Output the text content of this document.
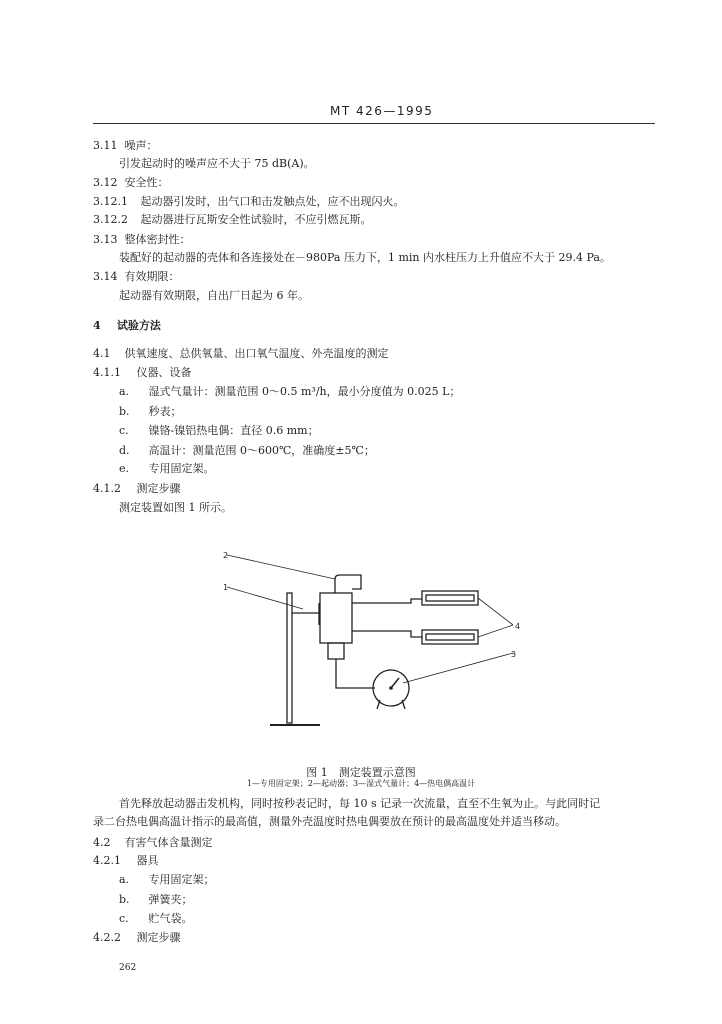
MT 426—1995
3.11 噪声：
引发起动时的噪声应不大于 75 dB(A)。
3.12 安全性：
3.12.1 起动器引发时，出气口和击发触点处，应不出现闪火。
3.12.2 起动器进行瓦斯安全性试验时，不应引燃瓦斯。
3.13 整体密封性：
装配好的起动器的壳体和各连接处在－980Pa 压力下，1 min 内水柱压力上升值应不大于 29.4 Pa。
3.14 有效期限：
起动器有效期限，自出厂日起为 6 年。
4 试验方法
4.1 供氧速度、总供氧量、出口氧气温度、外壳温度的测定
4.1.1 仪器、设备
a. 湿式气量计：测量范围 0～0.5 m³/h，最小分度值为 0.025 L；
b. 秒表；
c. 镍铬-镍铝热电偶：直径 0.6 mm；
d. 高温计：测量范围 0～600℃，准确度±5℃；
e. 专用固定架。
4.1.2 测定步骤
测定装置如图 1 所示。
2
1
4
3
图 1　测定装置示意图
1—专用固定架；2—起动器；3—湿式气量计；4—热电偶高温计
首先释放起动器击发机构，同时按秒表记时，每 10 s 记录一次流量，直至不生氧为止。与此同时记
录二台热电偶高温计指示的最高值，测量外壳温度时热电偶要放在预计的最高温度处并适当移动。
4.2 有害气体含量测定
4.2.1 器具
a. 专用固定架；
b. 弹簧夹；
c. 贮气袋。
4.2.2 测定步骤
262
